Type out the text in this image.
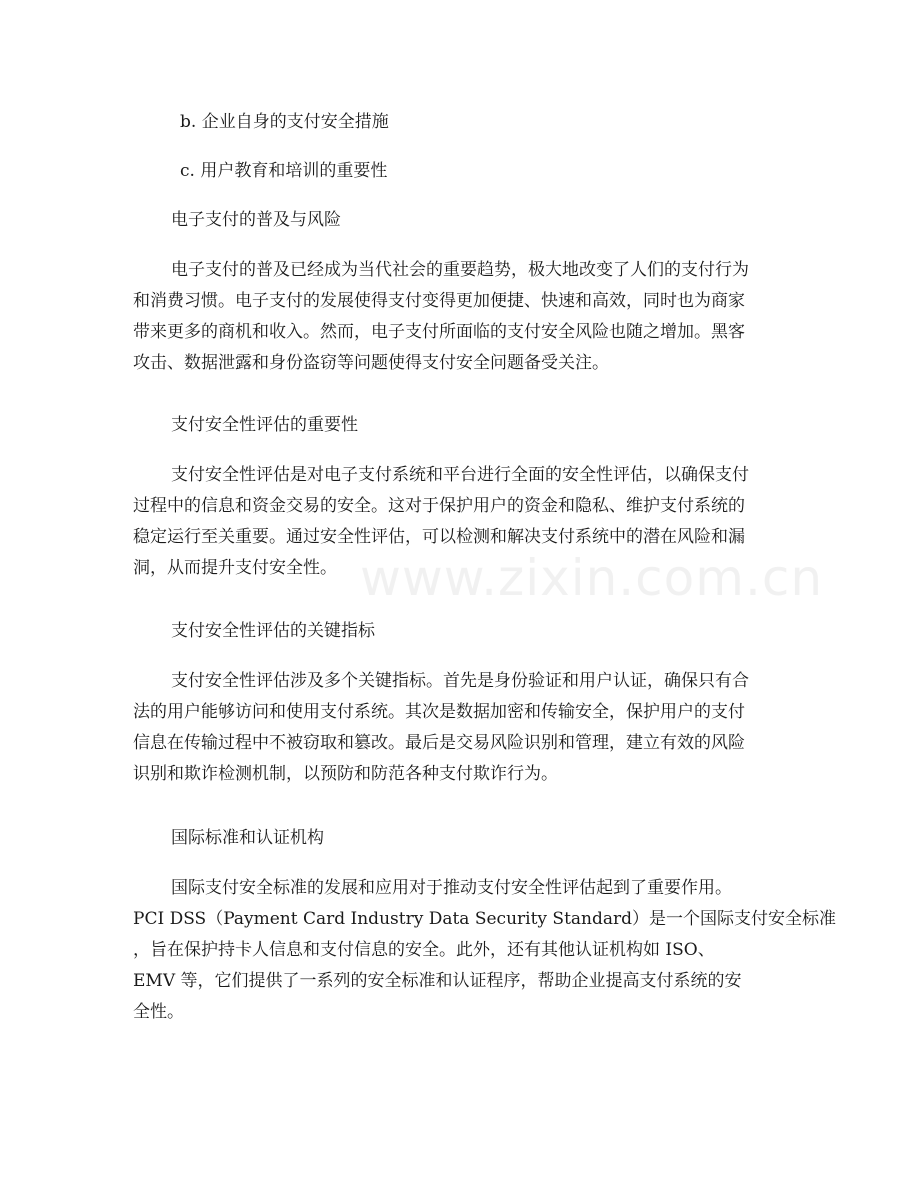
b. 企业自身的支付安全措施
c. 用户教育和培训的重要性
电子支付的普及与风险
电子支付的普及已经成为当代社会的重要趋势，极大地改变了人们的支付行为
和消费习惯。电子支付的发展使得支付变得更加便捷、快速和高效，同时也为商家
带来更多的商机和收入。然而，电子支付所面临的支付安全风险也随之增加。黑客
攻击、数据泄露和身份盗窃等问题使得支付安全问题备受关注。
支付安全性评估的重要性
支付安全性评估是对电子支付系统和平台进行全面的安全性评估，以确保支付
过程中的信息和资金交易的安全。这对于保护用户的资金和隐私、维护支付系统的
稳定运行至关重要。通过安全性评估，可以检测和解决支付系统中的潜在风险和漏
洞，从而提升支付安全性。
支付安全性评估的关键指标
支付安全性评估涉及多个关键指标。首先是身份验证和用户认证，确保只有合
法的用户能够访问和使用支付系统。其次是数据加密和传输安全，保护用户的支付
信息在传输过程中不被窃取和篡改。最后是交易风险识别和管理，建立有效的风险
识别和欺诈检测机制，以预防和防范各种支付欺诈行为。
国际标准和认证机构
国际支付安全标准的发展和应用对于推动支付安全性评估起到了重要作用。
PCI DSS（Payment Card Industry Data Security Standard）是一个国际支付安全标准
，旨在保护持卡人信息和支付信息的安全。此外，还有其他认证机构如 ISO、
EMV 等，它们提供了一系列的安全标准和认证程序，帮助企业提高支付系统的安
全性。
www.zixin.com.cn
